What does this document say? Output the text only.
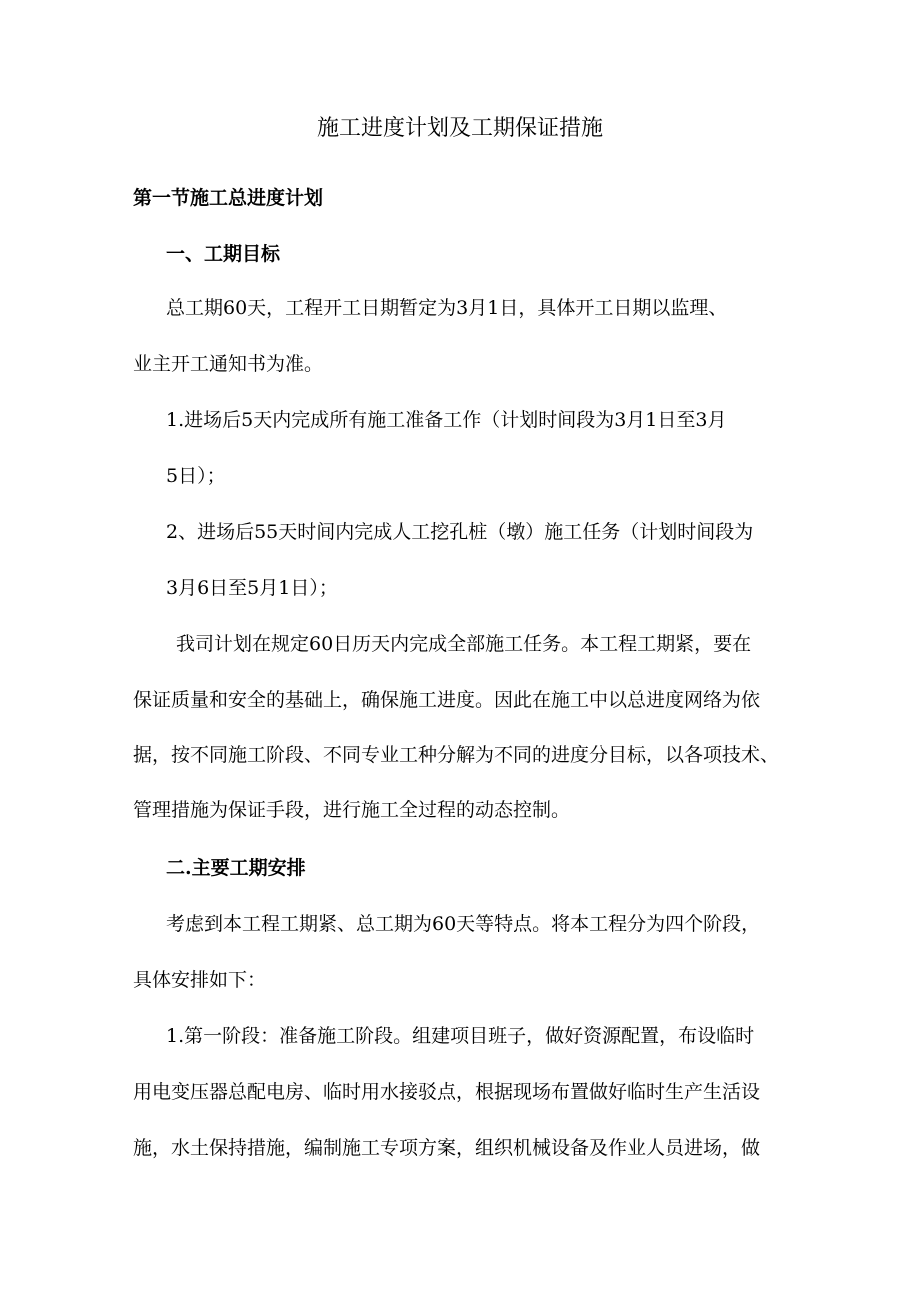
施工进度计划及工期保证措施

第一节施工总进度计划

一、工期目标

总工期60天，工程开工日期暂定为3月1日，具体开工日期以监理、

业主开工通知书为准。

1.进场后5天内完成所有施工准备工作（计划时间段为3月1日至3月

5日）；

2、进场后55天时间内完成人工挖孔桩（墩）施工任务（计划时间段为

3月6日至5月1日）；

我司计划在规定60日历天内完成全部施工任务。本工程工期紧，要在

保证质量和安全的基础上，确保施工进度。因此在施工中以总进度网络为依

据，按不同施工阶段、不同专业工种分解为不同的进度分目标，以各项技术、

管理措施为保证手段，进行施工全过程的动态控制。

二.主要工期安排

考虑到本工程工期紧、总工期为60天等特点。将本工程分为四个阶段，

具体安排如下：

1.第一阶段：准备施工阶段。组建项目班子，做好资源配置，布设临时

用电变压器总配电房、临时用水接驳点，根据现场布置做好临时生产生活设

施，水土保持措施，编制施工专项方案，组织机械设备及作业人员进场，做
